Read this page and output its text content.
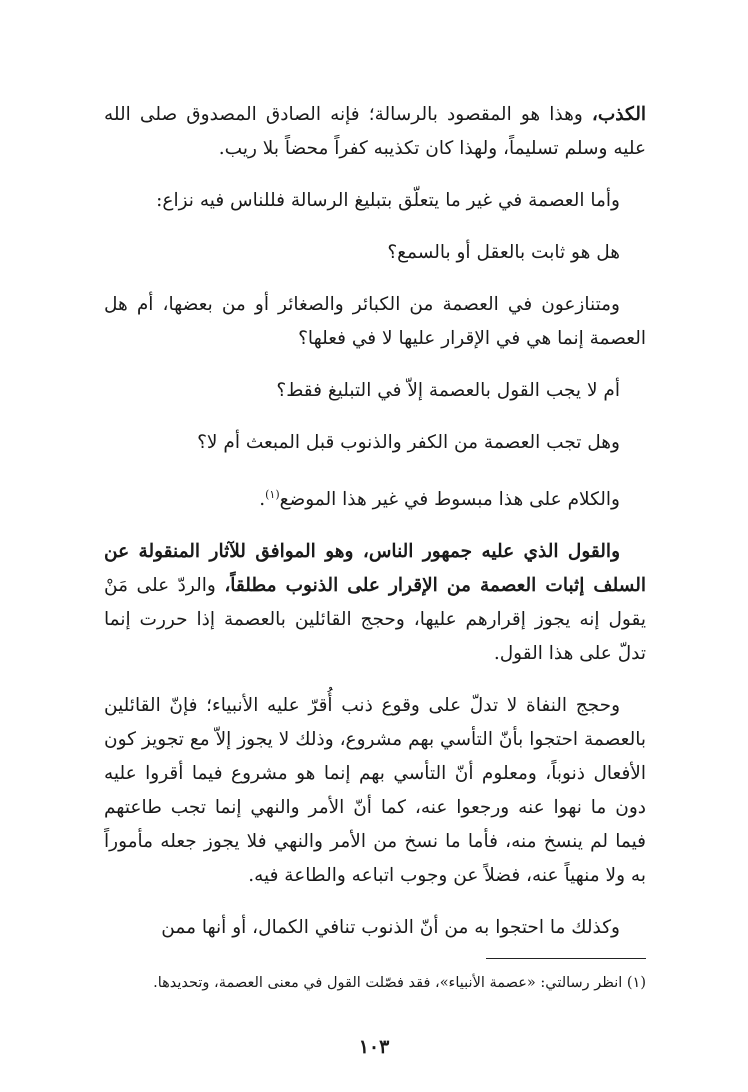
الكذب، وهذا هو المقصود بالرسالة؛ فإنه الصادق المصدوق صلى الله عليه وسلم تسليماً، ولهذا كان تكذيبه كفراً محضاً بلا ريب.

وأما العصمة في غير ما يتعلّق بتبليغ الرسالة فللناس فيه نزاع:

هل هو ثابت بالعقل أو بالسمع؟

ومتنازعون في العصمة من الكبائر والصغائر أو من بعضها، أم هل العصمة إنما هي في الإقرار عليها لا في فعلها؟

أم لا يجب القول بالعصمة إلاّ في التبليغ فقط؟

وهل تجب العصمة من الكفر والذنوب قبل المبعث أم لا؟

والكلام على هذا مبسوط في غير هذا الموضع$^{(١)}$.

والقول الذي عليه جمهور الناس، وهو الموافق للآثار المنقولة عن السلف إثبات العصمة من الإقرار على الذنوب مطلقاً، والردّ على مَنْ يقول إنه يجوز إقرارهم عليها، وحجج القائلين بالعصمة إذا حررت إنما تدلّ على هذا القول.

وحجج النفاة لا تدلّ على وقوع ذنب أُقرّ عليه الأنبياء؛ فإنّ القائلين بالعصمة احتجوا بأنّ التأسي بهم مشروع، وذلك لا يجوز إلاّ مع تجويز كون الأفعال ذنوباً، ومعلوم أنّ التأسي بهم إنما هو مشروع فيما أقروا عليه دون ما نهوا عنه ورجعوا عنه، كما أنّ الأمر والنهي إنما تجب طاعتهم فيما لم ينسخ منه، فأما ما نسخ من الأمر والنهي فلا يجوز جعله مأموراً به ولا منهياً عنه، فضلاً عن وجوب اتباعه والطاعة فيه.

وكذلك ما احتجوا به من أنّ الذنوب تنافي الكمال، أو أنها ممن

(١) انظر رسالتي: «عصمة الأنبياء»، فقد فصّلت القول في معنى العصمة، وتحديدها.
١٠٣
